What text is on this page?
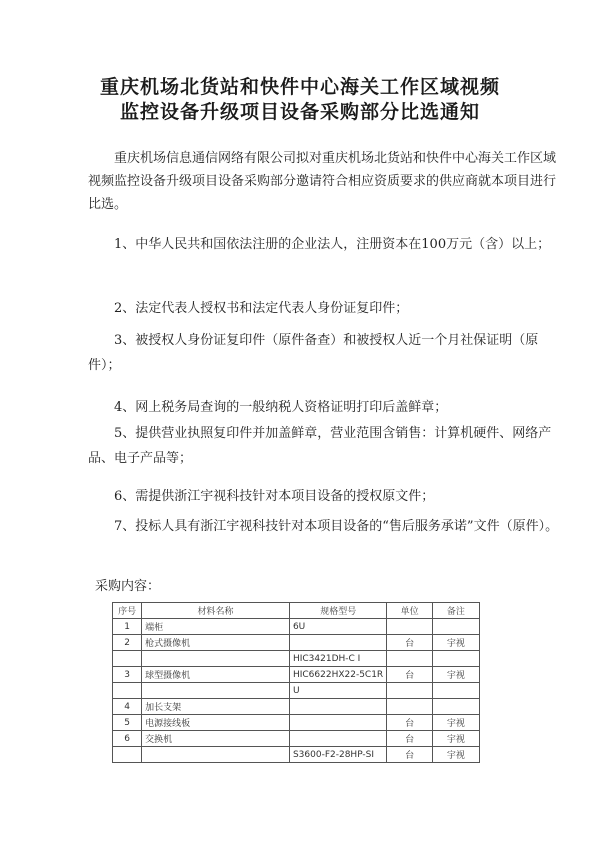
重庆机场北货站和快件中心海关工作区域视频
监控设备升级项目设备采购部分比选通知
重庆机场信息通信网络有限公司拟对重庆机场北货站和快件中心海关工作区域视频监控设备升级项目设备采购部分邀请符合相应资质要求的供应商就本项目进行比选。
1、中华人民共和国依法注册的企业法人，注册资本在100万元（含）以上；
2、法定代表人授权书和法定代表人身份证复印件；
3、被授权人身份证复印件（原件备查）和被授权人近一个月社保证明（原件）；
4、网上税务局查询的一般纳税人资格证明打印后盖鲜章；
5、提供营业执照复印件并加盖鲜章，营业范围含销售：计算机硬件、网络产品、电子产品等；
6、需提供浙江宇视科技针对本项目设备的授权原文件；
7、投标人具有浙江宇视科技针对本项目设备的“售后服务承诺”文件（原件）。
采购内容：
序号	材料名称	规格型号	单位	备注
1	端柜	6U		
2	枪式摄像机		台	宇视
		HIC3421DH-C I		
3	球型摄像机	HIC6622HX22-5C1R	台	宇视
		U		
4	加长支架			
5	电源接线板		台	宇视
6	交换机		台	宇视
		S3600-F2-28HP-SI	台	宇视
